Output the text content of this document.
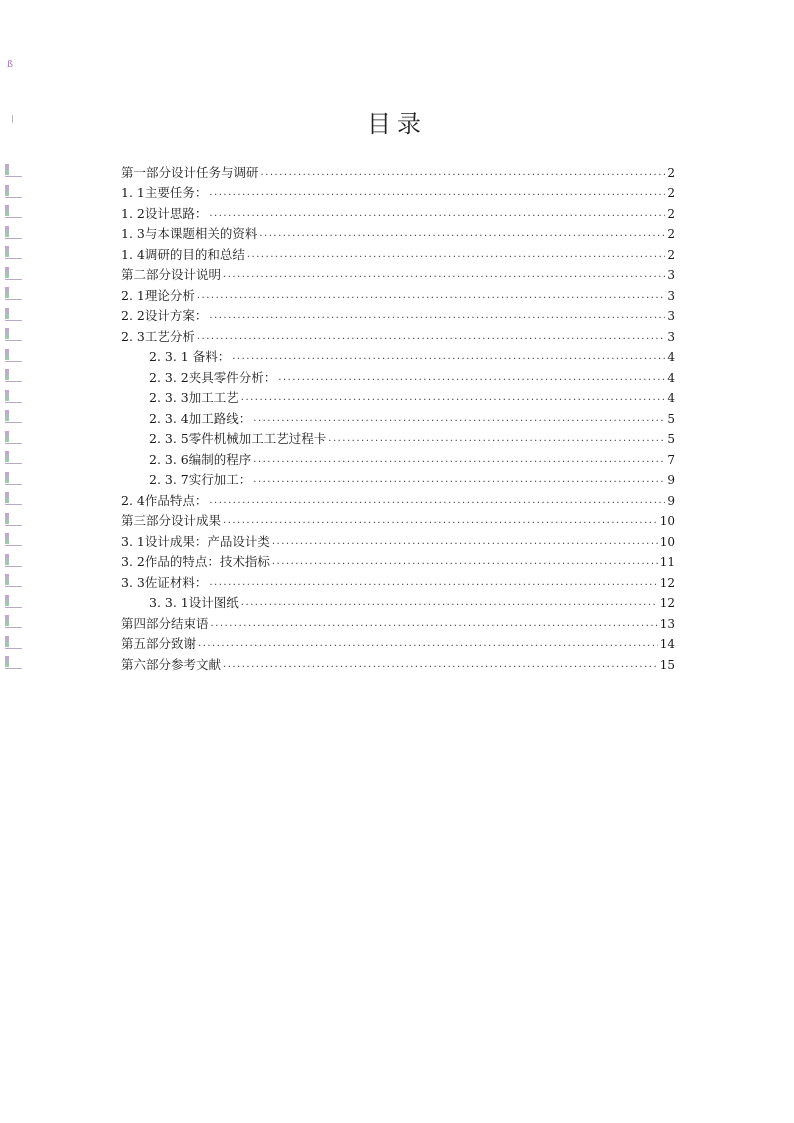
ß
目录
第一部分设计任务与调研 .....	2
1. 1主要任务： .....	2
1. 2设计思路： .....	2
1. 3与本课题相关的资料 .....	2
1. 4调研的目的和总结 .....	2
第二部分设计说明 .....	3
2. 1理论分析 .....	3
2. 2设计方案： .....	3
2. 3工艺分析 .....	3
2. 3. 1 备料： .....	4
2. 3. 2夹具零件分析： .....	4
2. 3. 3加工工艺 .....	4
2. 3. 4加工路线： .....	5
2. 3. 5零件机械加工工艺过程卡 .....	5
2. 3. 6编制的程序 .....	7
2. 3. 7实行加工： .....	9
2. 4作品特点： .....	9
第三部分设计成果 .....	10
3. 1设计成果：产品设计类 .....	10
3. 2作品的特点：技术指标 .....	11
3. 3佐证材料： .....	12
3. 3. 1设计图纸 .....	12
第四部分结束语 .....	13
第五部分致谢 .....	14
第六部分参考文献 .....	15
